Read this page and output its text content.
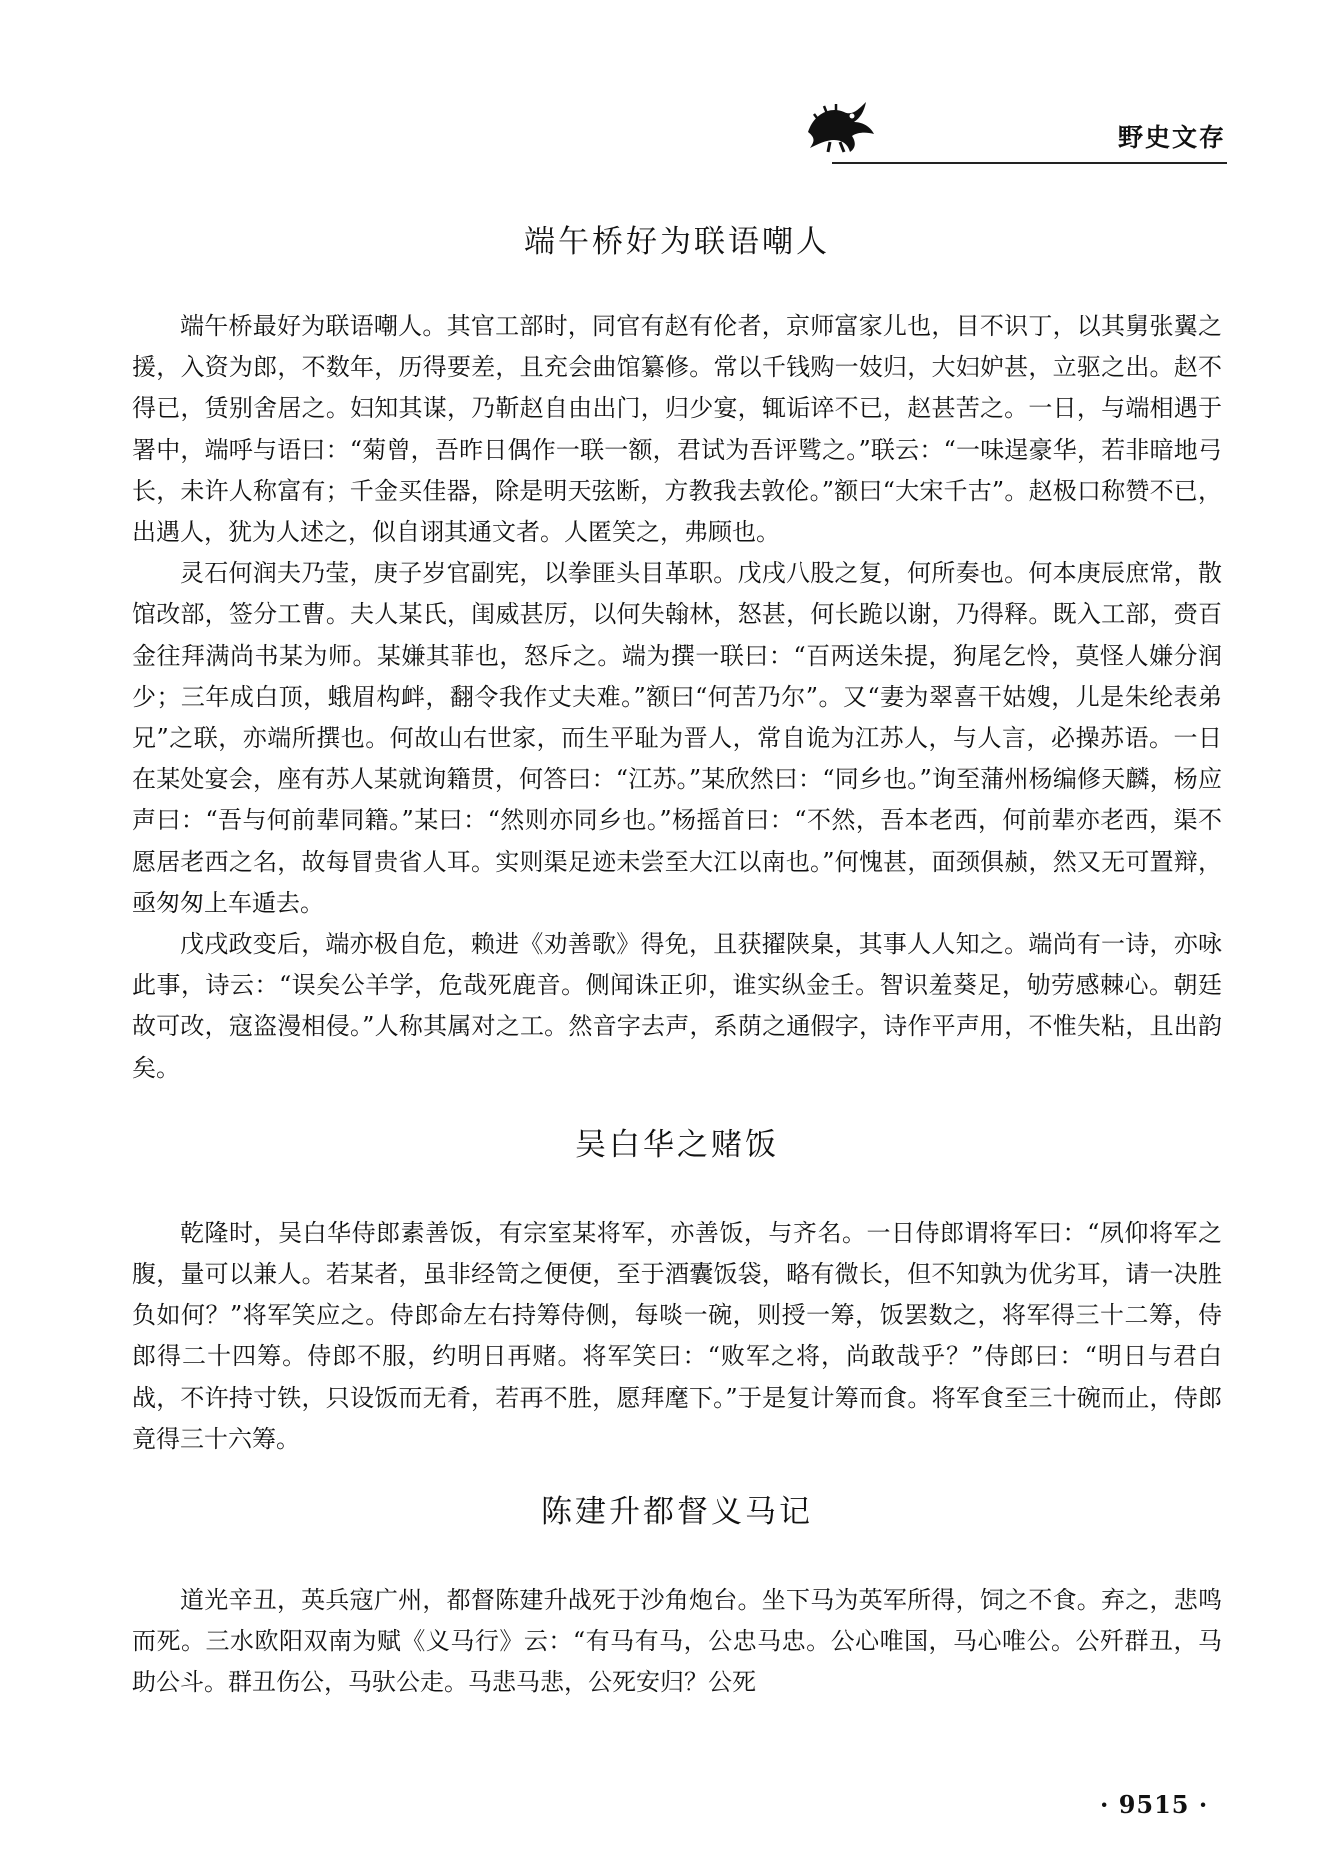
野史文存
端午桥好为联语嘲人

端午桥最好为联语嘲人。其官工部时，同官有赵有伦者，京师富家儿也，目不识丁，以其舅张翼之援，入资为郎，不数年，历得要差，且充会曲馆纂修。常以千钱购一妓归，大妇妒甚，立驱之出。赵不得已，赁别舍居之。妇知其谋，乃靳赵自由出门，归少宴，辄诟谇不已，赵甚苦之。一日，与端相遇于署中，端呼与语曰：“菊曾，吾昨日偶作一联一额，君试为吾评骘之。”联云：“一味逞豪华，若非暗地弓长，未许人称富有；千金买佳器，除是明天弦断，方教我去敦伦。”额曰“大宋千古”。赵极口称赞不已，出遇人，犹为人述之，似自诩其通文者。人匿笑之，弗顾也。

灵石何润夫乃莹，庚子岁官副宪，以拳匪头目革职。戊戌八股之复，何所奏也。何本庚辰庶常，散馆改部，签分工曹。夫人某氏，闺威甚厉，以何失翰林，怒甚，何长跪以谢，乃得释。既入工部，赍百金往拜满尚书某为师。某嫌其菲也，怒斥之。端为撰一联曰：“百两送朱提，狗尾乞怜，莫怪人嫌分润少；三年成白顶，蛾眉构衅，翻令我作丈夫难。”额曰“何苦乃尔”。又“妻为翠喜干姑嫂，儿是朱纶表弟兄”之联，亦端所撰也。何故山右世家，而生平耻为晋人，常自诡为江苏人，与人言，必操苏语。一日在某处宴会，座有苏人某就询籍贯，何答曰：“江苏。”某欣然曰：“同乡也。”询至蒲州杨编修天麟，杨应声曰：“吾与何前辈同籍。”某曰：“然则亦同乡也。”杨摇首曰：“不然，吾本老西，何前辈亦老西，渠不愿居老西之名，故每冒贵省人耳。实则渠足迹未尝至大江以南也。”何愧甚，面颈俱赪，然又无可置辩，亟匆匆上车遁去。

戊戌政变后，端亦极自危，赖进《劝善歌》得免，且获擢陕臬，其事人人知之。端尚有一诗，亦咏此事，诗云：“误矣公羊学，危哉死鹿音。侧闻诛正卯，谁实纵金壬。智识羞葵足，劬劳感棘心。朝廷故可改，寇盗漫相侵。”人称其属对之工。然音字去声，系荫之通假字，诗作平声用，不惟失粘，且出韵矣。

吴白华之赌饭

乾隆时，吴白华侍郎素善饭，有宗室某将军，亦善饭，与齐名。一日侍郎谓将军曰：“夙仰将军之腹，量可以兼人。若某者，虽非经笥之便便，至于酒囊饭袋，略有微长，但不知孰为优劣耳，请一决胜负如何？”将军笑应之。侍郎命左右持筹侍侧，每啖一碗，则授一筹，饭罢数之，将军得三十二筹，侍郎得二十四筹。侍郎不服，约明日再赌。将军笑曰：“败军之将，尚敢哉乎？”侍郎曰：“明日与君白战，不许持寸铁，只设饭而无肴，若再不胜，愿拜麾下。”于是复计筹而食。将军食至三十碗而止，侍郎竟得三十六筹。

陈建升都督义马记

道光辛丑，英兵寇广州，都督陈建升战死于沙角炮台。坐下马为英军所得，饲之不食。弃之，悲鸣而死。三水欧阳双南为赋《义马行》云：“有马有马，公忠马忠。公心唯国，马心唯公。公歼群丑，马助公斗。群丑伤公，马驮公走。马悲马悲，公死安归？公死

· 9515 ·
